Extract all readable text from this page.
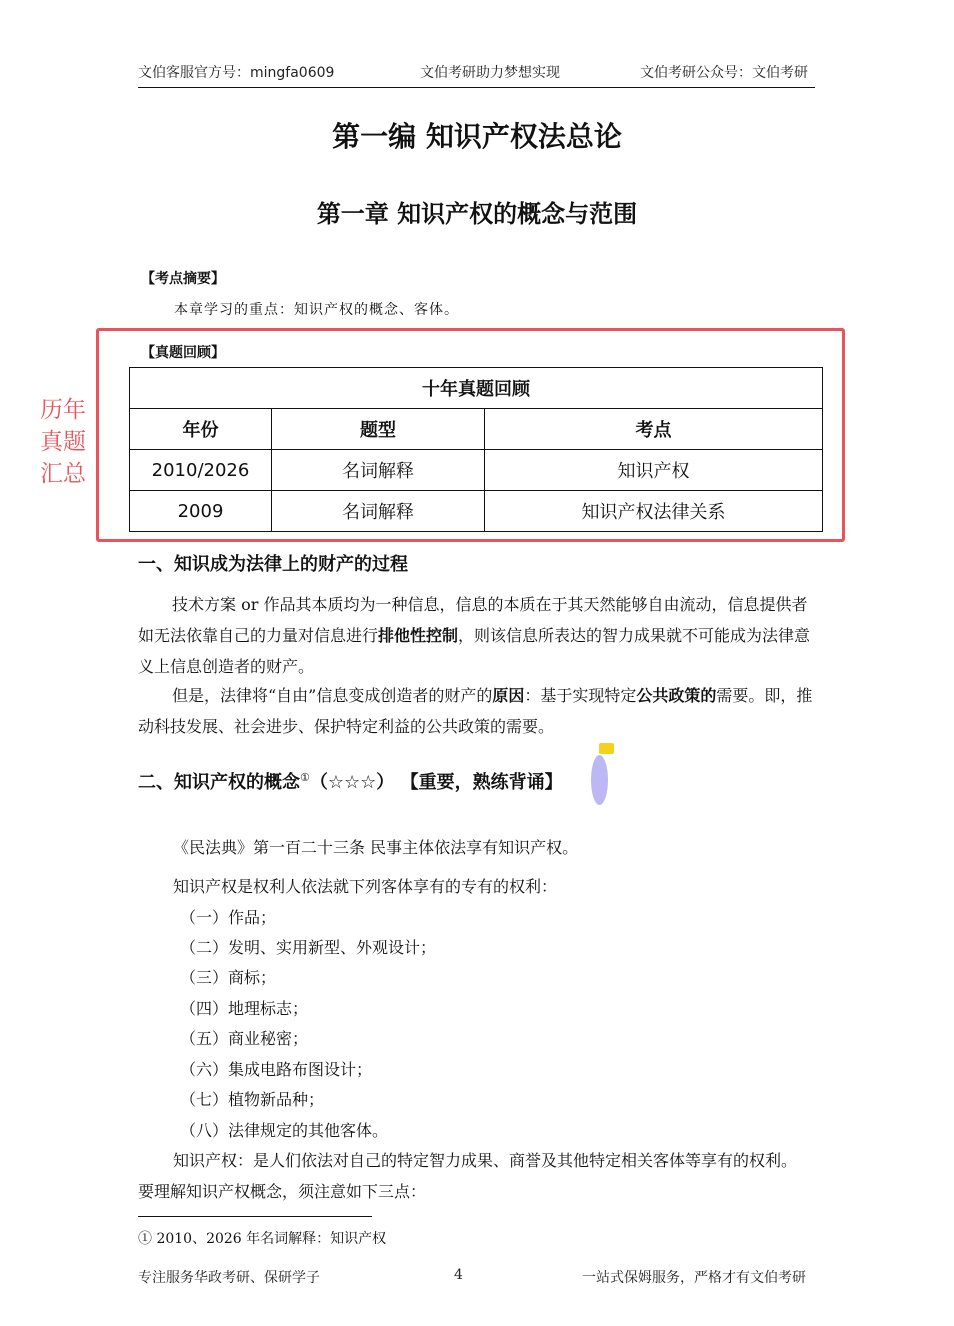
文伯客服官方号：mingfa0609	文伯考研助力梦想实现	文伯考研公众号：文伯考研
第一编 知识产权法总论
第一章 知识产权的概念与范围
【考点摘要】
本章学习的重点：知识产权的概念、客体。
历年
真题
汇总
【真题回顾】
十年真题回顾		
年份	题型	考点
2010/2026	名词解释	知识产权
2009	名词解释	知识产权法律关系
一、知识成为法律上的财产的过程
技术方案 or 作品其本质均为一种信息，信息的本质在于其天然能够自由流动，信息提供者如无法依靠自己的力量对信息进行排他性控制，则该信息所表达的智力成果就不可能成为法律意义上信息创造者的财产。
但是，法律将“自由”信息变成创造者的财产的原因：基于实现特定公共政策的需要。即，推动科技发展、社会进步、保护特定利益的公共政策的需要。
二、知识产权的概念①（☆☆☆） 【重要，熟练背诵】
《民法典》第一百二十三条 民事主体依法享有知识产权。
知识产权是权利人依法就下列客体享有的专有的权利：
（一）作品；
（二）发明、实用新型、外观设计；
（三）商标；
（四）地理标志；
（五）商业秘密；
（六）集成电路布图设计；
（七）植物新品种；
（八）法律规定的其他客体。
知识产权：是人们依法对自己的特定智力成果、商誉及其他特定相关客体等享有的权利。
要理解知识产权概念，须注意如下三点：
① 2010、2026 年名词解释：知识产权
专注服务华政考研、保研学子	4	一站式保姆服务，严格才有文伯考研
